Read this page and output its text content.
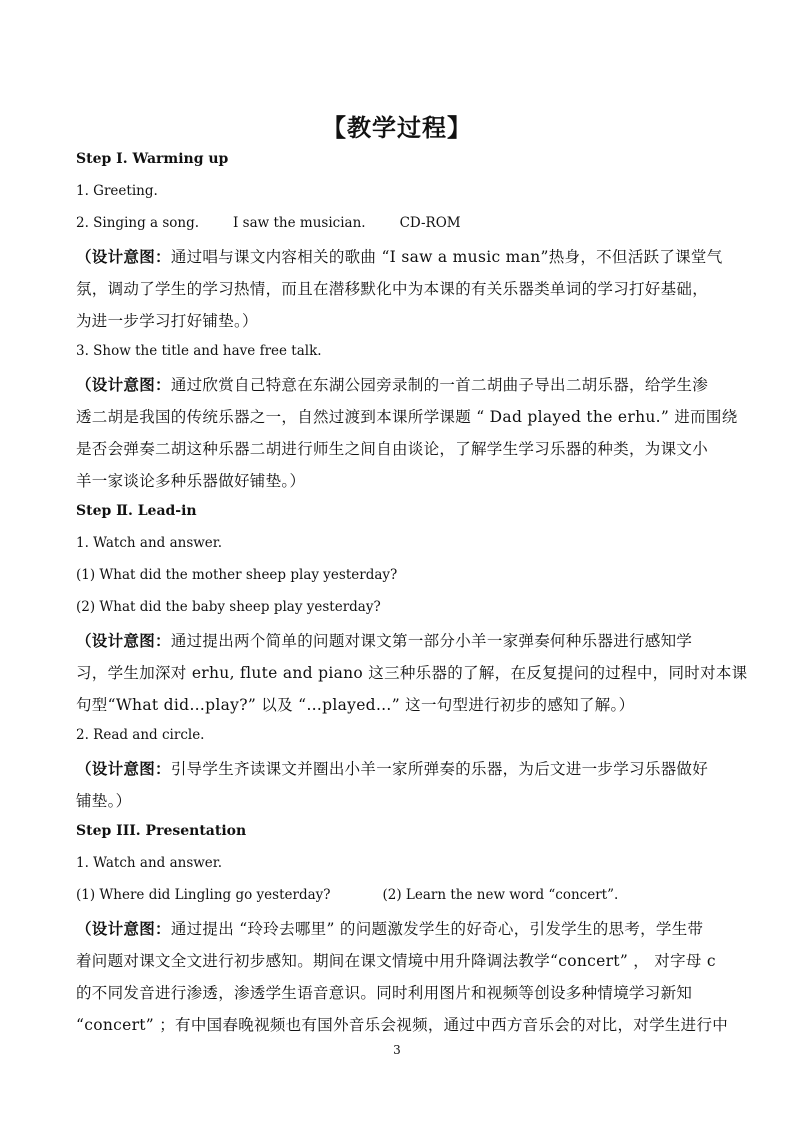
【教学过程】
Step Ⅰ. Warming up
1. Greeting.
2. Singing a song.	I saw the musician.	CD-ROM
（设计意图：通过唱与课文内容相关的歌曲 “I saw a music man”热身，不但活跃了课堂气
氛，调动了学生的学习热情，而且在潜移默化中为本课的有关乐器类单词的学习打好基础，
为进一步学习打好铺垫。）
3. Show the title and have free talk.
（设计意图：通过欣赏自己特意在东湖公园旁录制的一首二胡曲子导出二胡乐器，给学生渗
透二胡是我国的传统乐器之一，自然过渡到本课所学课题 “ Dad played the erhu.” 进而围绕
是否会弹奏二胡这种乐器二胡进行师生之间自由谈论，了解学生学习乐器的种类，为课文小
羊一家谈论多种乐器做好铺垫。）
Step Ⅱ. Lead-in
1. Watch and answer.
(1) What did the mother sheep play yesterday?
(2) What did the baby sheep play yesterday?
（设计意图：通过提出两个简单的问题对课文第一部分小羊一家弹奏何种乐器进行感知学
习，学生加深对 erhu, flute and piano 这三种乐器的了解，在反复提问的过程中，同时对本课
句型“What did…play?” 以及 “…played…” 这一句型进行初步的感知了解。）
2. Read and circle.
（设计意图：引导学生齐读课文并圈出小羊一家所弹奏的乐器，为后文进一步学习乐器做好
铺垫。）
Step III. Presentation
1. Watch and answer.
(1) Where did Lingling go yesterday?	(2) Learn the new word “concert”.
（设计意图：通过提出 “玲玲去哪里” 的问题激发学生的好奇心，引发学生的思考，学生带
着问题对课文全文进行初步感知。期间在课文情境中用升降调法教学“concert” ， 对字母 c
的不同发音进行渗透，渗透学生语音意识。同时利用图片和视频等创设多种情境学习新知
“concert” ；有中国春晚视频也有国外音乐会视频，通过中西方音乐会的对比，对学生进行中
3
